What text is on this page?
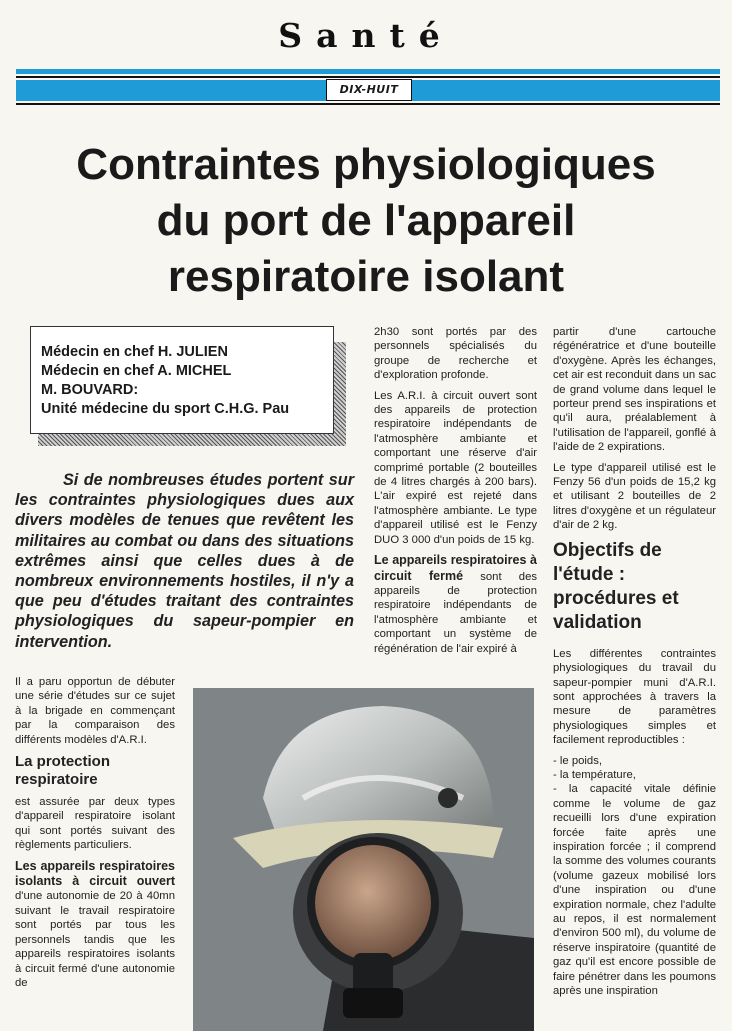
Santé
DIX-HUIT
Contraintes physiologiques
du port de l'appareil
respiratoire isolant
Médecin en chef H. JULIEN
Médecin en chef A. MICHEL
M. BOUVARD:
Unité médecine du sport C.H.G. Pau
Si de nombreuses études portent sur les contraintes physiologiques dues aux divers modèles de tenues que revêtent les militaires au combat ou dans des situations extrêmes ainsi que celles dues à de nombreux environnements hostiles, il n'y a que peu d'études traitant des contraintes physiologiques du sapeur-pompier en intervention.

Il a paru opportun de débuter une série d'études sur ce sujet à la brigade en commençant par la comparaison des différents modèles d'A.R.I.

La protection respiratoire

est assurée par deux types d'appareil respiratoire isolant qui sont portés suivant des règlements particuliers.

Les appareils respiratoires isolants à circuit ouvert d'une autonomie de 20 à 40mn suivant le travail respiratoire sont portés par tous les personnels tandis que les appareils respiratoires isolants à circuit fermé d'une autonomie de

2h30 sont portés par des personnels spécialisés du groupe de recherche et d'exploration profonde.

Les A.R.I. à circuit ouvert sont des appareils de protection respiratoire indépendants de l'atmosphère ambiante et comportant une réserve d'air comprimé portable (2 bouteilles de 4 litres chargés à 200 bars). L'air expiré est rejeté dans l'atmosphère ambiante. Le type d'appareil utilisé est le Fenzy DUO 3 000 d'un poids de 15 kg.

Le appareils respiratoires à circuit fermé sont des appareils de protection respiratoire indépendants de l'atmosphère ambiante et comportant un système de régénération de l'air expiré à

partir d'une cartouche régénératrice et d'une bouteille d'oxygène. Après les échanges, cet air est reconduit dans un sac de grand volume dans lequel le porteur prend ses inspirations et qu'il aura, préalablement à l'utilisation de l'appareil, gonflé à l'aide de 2 expirations.

Le type d'appareil utilisé est le Fenzy 56 d'un poids de 15,2 kg et utilisant 2 bouteilles de 2 litres d'oxygène et un régulateur d'air de 2 kg.

Objectifs de l'étude : procédures et validation

Les différentes contraintes physiologiques du travail du sapeur-pompier muni d'A.R.I. sont approchées à travers la mesure de paramètres physiologiques simples et facilement reproductibles :

- le poids,

- la température,

- la capacité vitale définie comme le volume de gaz recueilli lors d'une expiration forcée faite après une inspiration forcée ; il comprend la somme des volumes courants (volume gazeux mobilisé lors d'une inspiration ou d'une expiration normale, chez l'adulte au repos, il est normalement d'environ 500 ml), du volume de réserve inspiratoire (quantité de gaz qu'il est encore possible de faire pénétrer dans les poumons après une inspiration
